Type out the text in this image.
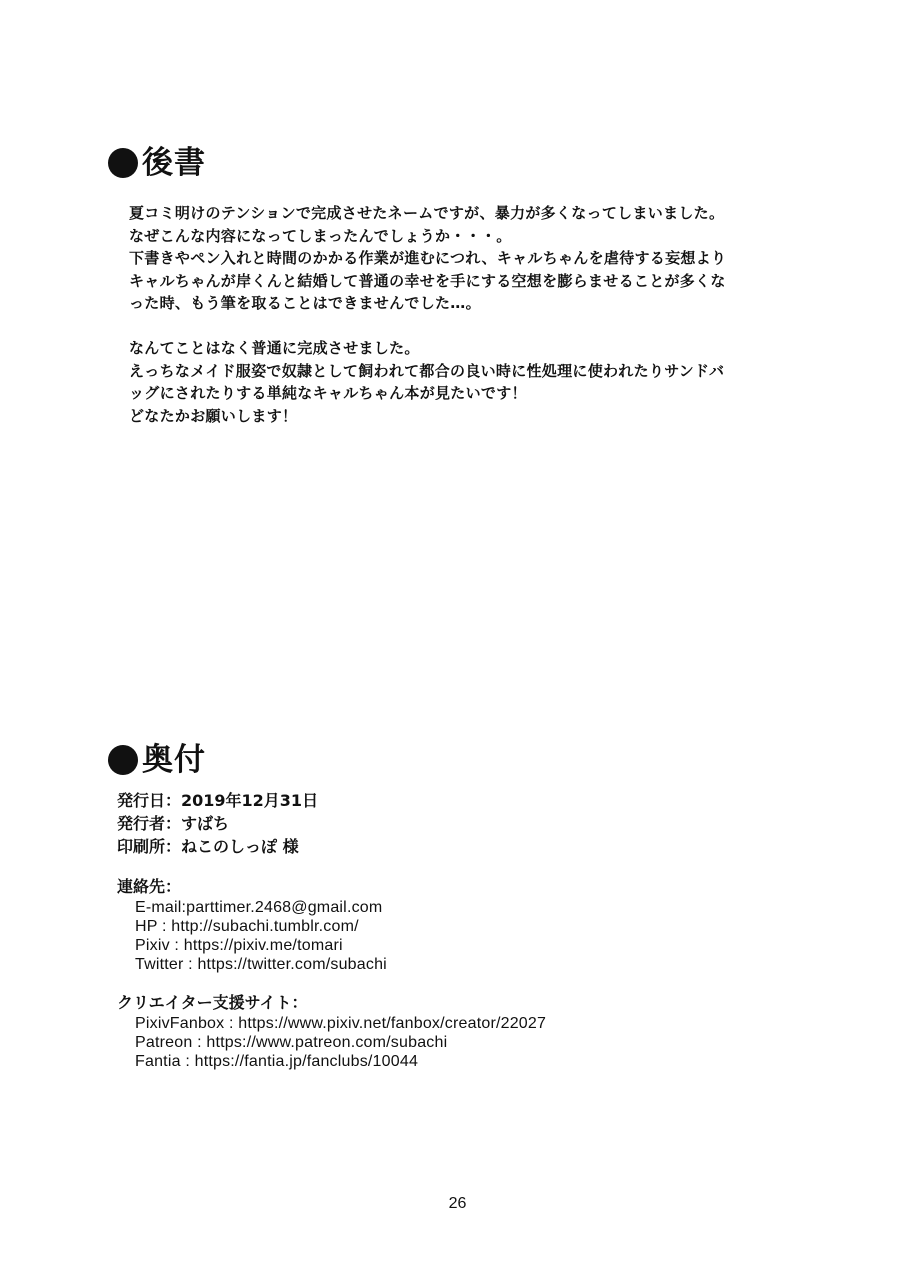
後書
夏コミ明けのテンションで完成させたネームですが、暴力が多くなってしまいました。
なぜこんな内容になってしまったんでしょうか・・・。
下書きやペン入れと時間のかかる作業が進むにつれ、キャルちゃんを虐待する妄想より
キャルちゃんが岸くんと結婚して普通の幸せを手にする空想を膨らませることが多くな
った時、もう筆を取ることはできませんでした…。
なんてことはなく普通に完成させました。
えっちなメイド服姿で奴隷として飼われて都合の良い時に性処理に使われたりサンドバ
ッグにされたりする単純なキャルちゃん本が見たいです！
どなたかお願いします！
奥付
発行日：2019年12月31日
発行者：すばち
印刷所：ねこのしっぽ 様
連絡先：
E-mail:parttimer.2468@gmail.com
HP : http://subachi.tumblr.com/
Pixiv : https://pixiv.me/tomari
Twitter : https://twitter.com/subachi
クリエイター支援サイト：
PixivFanbox : https://www.pixiv.net/fanbox/creator/22027
Patreon : https://www.patreon.com/subachi
Fantia : https://fantia.jp/fanclubs/10044
26
